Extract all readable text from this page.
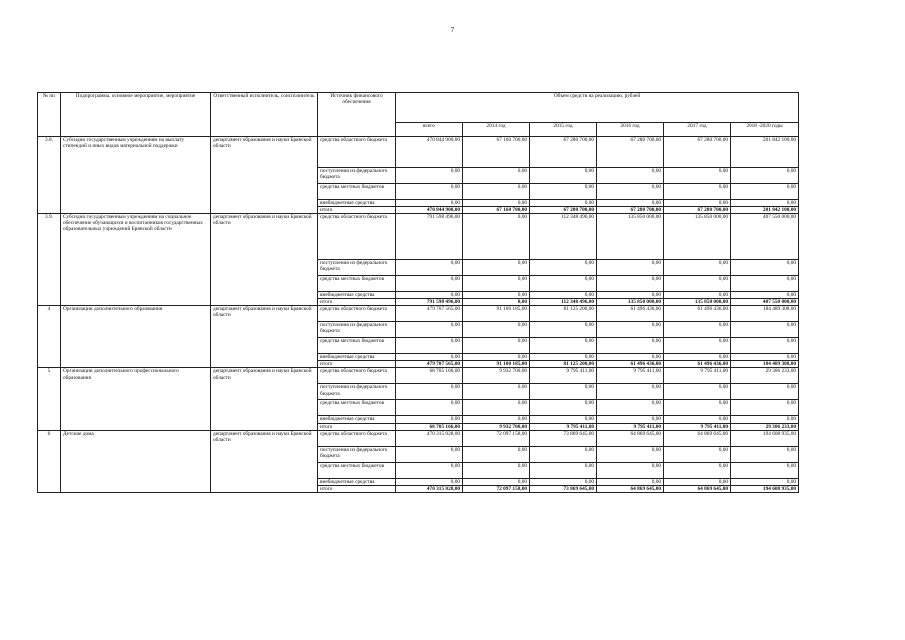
7
№ пп	Подпрограмма, основное мероприятие, мероприятие	Ответственный исполнитель, соисполнитель	Источник финансового обеспечения	Объем средств на реализацию, рублей					
				всего	2014 год	2015 год	2016 год	2017 год	2018 -2020 годы
3.8.	Субсидии государственным учреждениям на выплату стипендий и иных видов материальной поддержки	департамент образования и науки Брянской области	средства областного бюджета	470 844 900,00	67 160 700,00	67 280 700,00	67 280 700,00	67 280 700,00	201 842 100,00
			поступления из федерального бюджета	0,00	0,00	0,00	0,00	0,00	0,00
			средства местных бюджетов	0,00	0,00	0,00	0,00	0,00	0,00
			внебюджетные средства	0,00	0,00	0,00	0,00	0,00	0,00
			итого	470 844 900,00	67 160 700,00	67 280 700,00	67 280 700,00	67 280 700,00	201 842 100,00
3.9.	Субсидии государственным учреждениям на социальное обеспечение обучающихся и воспитанников государственных образовательных учреждений Брянской области	департамент образования и науки Брянской области	средства областного бюджета	791 598 496,00	0,00	112 348 496,00	135 850 000,00	135 850 000,00	407 550 000,00
			поступления из федерального бюджета	0,00	0,00	0,00	0,00	0,00	0,00
			средства местных бюджетов	0,00	0,00	0,00	0,00	0,00	0,00
			внебюджетные средства	0,00	0,00	0,00	0,00	0,00	0,00
			итого	791 598 496,00	0,00	112 348 496,00	135 850 000,00	135 850 000,00	407 550 000,00
4	Организации дополнительного образования	департамент образования и науки Брянской области	средства областного бюджета	479 707 565,00	91 100 185,00	81 125 200,00	61 496 436,00	61 496 436,00	184 489 308,00
			поступления из федерального бюджета	0,00	0,00	0,00	0,00	0,00	0,00
			средства местных бюджетов	0,00	0,00	0,00	0,00	0,00	0,00
			внебюджетные средства	0,00	0,00	0,00	0,00	0,00	0,00
			итого	479 707 565,00	91 100 185,00	81 125 200,00	61 496 436,00	61 496 436,00	184 489 308,00
5	Организации дополнительного профессионального образования	департамент образования и науки Брянской области	средства областного бюджета	68 705 166,00	9 932 700,00	9 795 411,00	9 795 411,00	9 795 411,00	29 386 233,00
			поступления из федерального бюджета	0,00	0,00	0,00	0,00	0,00	0,00
			средства местных бюджетов	0,00	0,00	0,00	0,00	0,00	0,00
			внебюджетные средства	0,00	0,00	0,00	0,00	0,00	0,00
			итого	68 705 166,00	9 932 700,00	9 795 411,00	9 795 411,00	9 795 411,00	29 386 233,00
6	Детские дома	департамент образования и науки Брянской области	средства областного бюджета	470 315 028,00	72 097 158,00	73 869 645,00	64 869 645,00	64 869 645,00	194 608 935,00
			поступления из федерального бюджета	0,00	0,00	0,00	0,00	0,00	0,00
			средства местных бюджетов	0,00	0,00	0,00	0,00	0,00	0,00
			внебюджетные средства	0,00	0,00	0,00	0,00	0,00	0,00
			итого	470 315 028,00	72 097 158,00	73 869 645,00	64 869 645,00	64 869 645,00	194 608 935,00
